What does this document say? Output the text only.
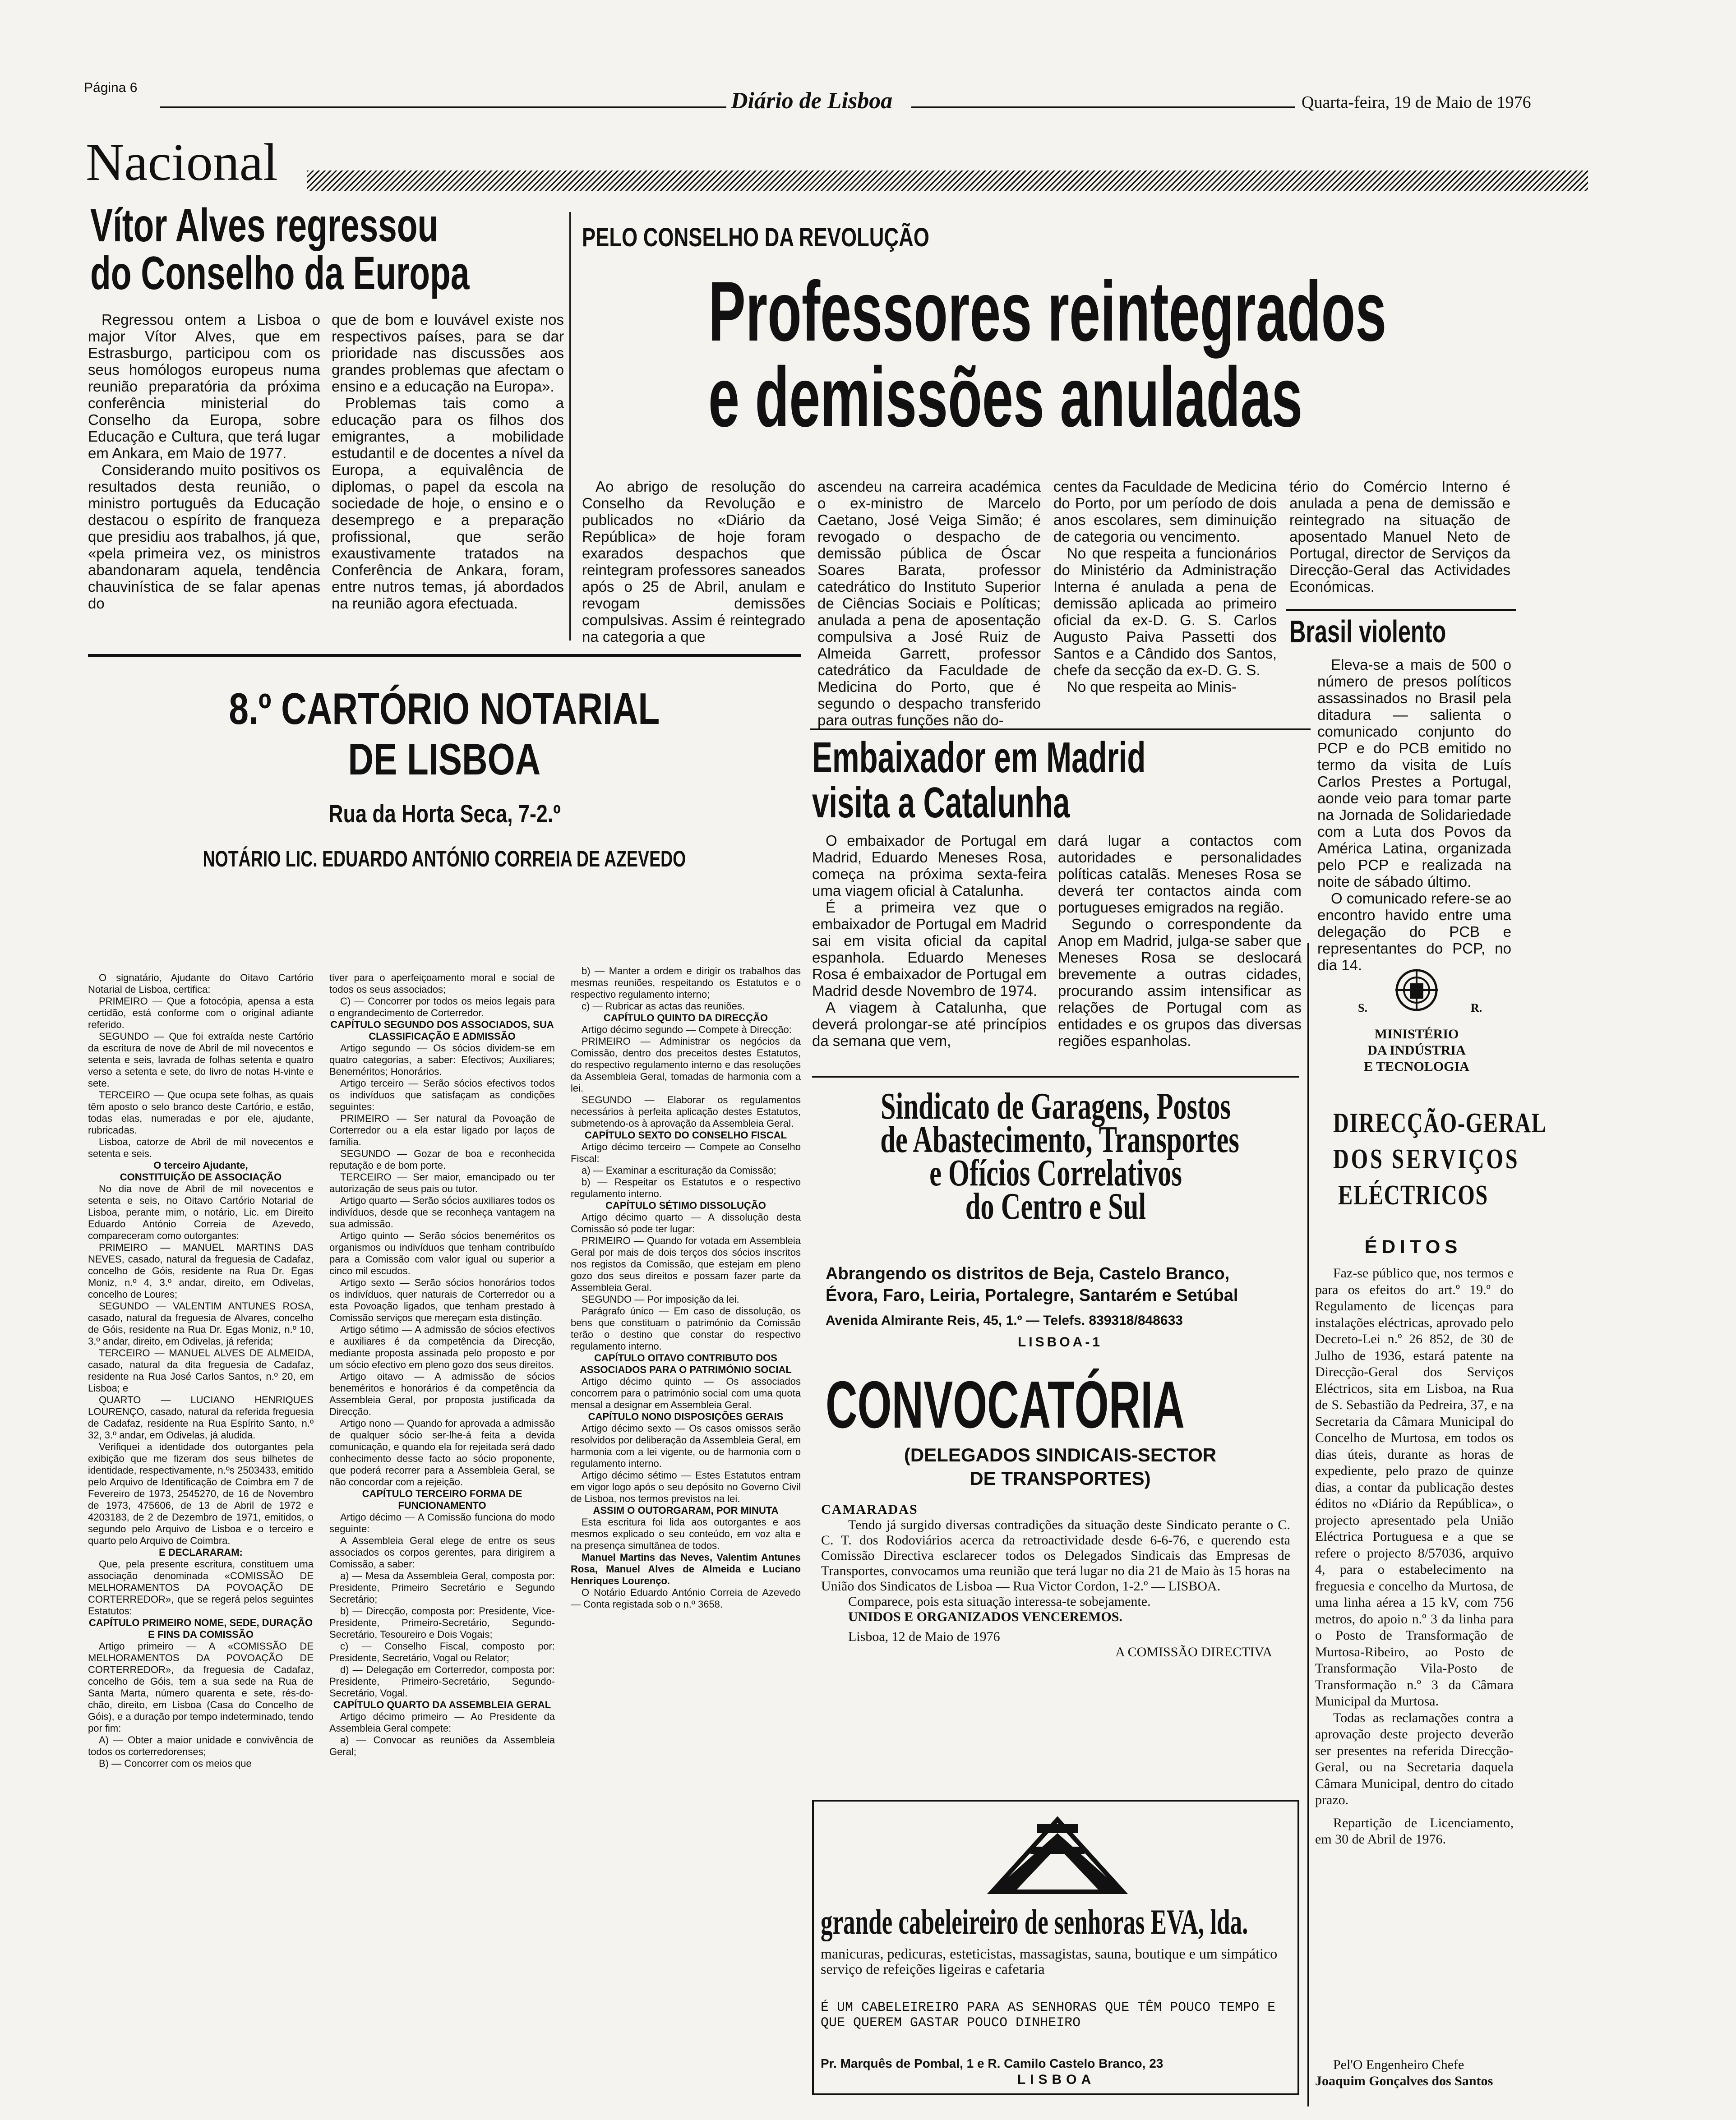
Página 6
Diário de Lisboa	Quarta-feira, 19 de Maio de 1976
Nacional
Vítor Alves regressou
do Conselho da Europa

Regressou ontem a Lisboa o major Vítor Alves, que em Estrasburgo, participou com os seus homólogos europeus numa reunião preparatória da próxima conferência ministerial do Conselho da Europa, sobre Educação e Cultura, que terá lugar em Ankara, em Maio de 1977.

Considerando muito positivos os resultados desta reunião, o ministro português da Educação destacou o espírito de franqueza que presidiu aos trabalhos, já que, «pela primeira vez, os ministros abandonaram aquela, tendência chauvinística de se falar apenas do

que de bom e louvável existe nos respectivos países, para se dar prioridade nas discussões aos grandes problemas que afectam o ensino e a educação na Europa».

Problemas tais como a educação para os filhos dos emigrantes, a mobilidade estudantil e de docentes a nível da Europa, a equivalência de diplomas, o papel da escola na sociedade de hoje, o ensino e o desemprego e a preparação profissional, que serão exaustivamente tratados na Conferência de Ankara, foram, entre nutros temas, já abordados na reunião agora efectuada.

PELO CONSELHO DA REVOLUÇÃO
Professores reintegrados
e demissões anuladas

Ao abrigo de resolução do Conselho da Revolução e publicados no «Diário da República» de hoje foram exarados despachos que reintegram professores saneados após o 25 de Abril, anulam e revogam demissões compulsivas. Assim é reintegrado na categoria a que

ascendeu na carreira académica o ex-ministro de Marcelo Caetano, José Veiga Simão; é revogado o despacho de demissão pública de Óscar Soares Barata, professor catedrático do Instituto Superior de Ciências Sociais e Políticas; anulada a pena de aposentação compulsiva a José Ruiz de Almeida Garrett, professor catedrático da Faculdade de Medicina do Porto, que é segundo o despacho transferido para outras funções não do-

centes da Faculdade de Medicina do Porto, por um período de dois anos escolares, sem diminuição de categoria ou vencimento.

No que respeita a funcionários do Ministério da Administração Interna é anulada a pena de demissão aplicada ao primeiro oficial da ex-D. G. S. Carlos Augusto Paiva Passetti dos Santos e a Cândido dos Santos, chefe da secção da ex-D. G. S.

No que respeita ao Minis-

tério do Comércio Interno é anulada a pena de demissão e reintegrado na situação de aposentado Manuel Neto de Portugal, director de Serviços da Direcção-Geral das Actividades Económicas.

Brasil violento

Eleva-se a mais de 500 o número de presos políticos assassinados no Brasil pela ditadura — salienta o comunicado conjunto do PCP e do PCB emitido no termo da visita de Luís Carlos Prestes a Portugal, aonde veio para tomar parte na Jornada de Solidariedade com a Luta dos Povos da América Latina, organizada pelo PCP e realizada na noite de sábado último.

O comunicado refere-se ao encontro havido entre uma delegação do PCB e representantes do PCP, no dia 14.

Embaixador em Madrid
visita a Catalunha

O embaixador de Portugal em Madrid, Eduardo Meneses Rosa, começa na próxima sexta-feira uma viagem oficial à Catalunha.

É a primeira vez que o embaixador de Portugal em Madrid sai em visita oficial da capital espanhola. Eduardo Meneses Rosa é embaixador de Portugal em Madrid desde Novembro de 1974.

A viagem à Catalunha, que deverá prolongar-se até princípios da semana que vem,

dará lugar a contactos com autoridades e personalidades políticas catalãs. Meneses Rosa se deverá ter contactos ainda com portugueses emigrados na região.

Segundo o correspondente da Anop em Madrid, julga-se saber que Meneses Rosa se deslocará brevemente a outras cidades, procurando assim intensificar as relações de Portugal com as entidades e os grupos das diversas regiões espanholas.

8.º CARTÓRIO NOTARIAL
DE LISBOA
Rua da Horta Seca, 7-2.º
NOTÁRIO LIC. EDUARDO ANTÓNIO CORREIA DE AZEVEDO

O signatário, Ajudante do Oitavo Cartório Notarial de Lisboa, certifica:

PRIMEIRO — Que a fotocópia, apensa a esta certidão, está conforme com o original adiante referido.

SEGUNDO — Que foi extraída neste Cartório da escritura de nove de Abril de mil novecentos e setenta e seis, lavrada de folhas setenta e quatro verso a setenta e sete, do livro de notas H-vinte e sete.

TERCEIRO — Que ocupa sete folhas, as quais têm aposto o selo branco deste Cartório, e estão, todas elas, numeradas e por ele, ajudante, rubricadas.

Lisboa, catorze de Abril de mil novecentos e setenta e seis.

O terceiro Ajudante,

CONSTITUIÇÃO DE ASSOCIAÇÃO

No dia nove de Abril de mil novecentos e setenta e seis, no Oitavo Cartório Notarial de Lisboa, perante mim, o notário, Lic. em Direito Eduardo António Correia de Azevedo, compareceram como outorgantes:

PRIMEIRO — MANUEL MARTINS DAS NEVES, casado, natural da freguesia de Cadafaz, concelho de Góis, residente na Rua Dr. Egas Moniz, n.º 4, 3.º andar, direito, em Odivelas, concelho de Loures;

SEGUNDO — VALENTIM ANTUNES ROSA, casado, natural da freguesia de Alvares, concelho de Góis, residente na Rua Dr. Egas Moniz, n.º 10, 3.º andar, direito, em Odivelas, já referida;

TERCEIRO — MANUEL ALVES DE ALMEIDA, casado, natural da dita freguesia de Cadafaz, residente na Rua José Carlos Santos, n.º 20, em Lisboa; e

QUARTO — LUCIANO HENRIQUES LOURENÇO, casado, natural da referida freguesia de Cadafaz, residente na Rua Espírito Santo, n.º 32, 3.º andar, em Odivelas, já aludida.

Verifiquei a identidade dos outorgantes pela exibição que me fizeram dos seus bilhetes de identidade, respectivamente, n.ºs 2503433, emitido pelo Arquivo de Identificação de Coimbra em 7 de Fevereiro de 1973, 2545270, de 16 de Novembro de 1973, 475606, de 13 de Abril de 1972 e 4203183, de 2 de Dezembro de 1971, emitidos, o segundo pelo Arquivo de Lisboa e o terceiro e quarto pelo Arquivo de Coimbra.

E DECLARARAM:

Que, pela presente escritura, constituem uma associação denominada «COMISSÃO DE MELHORAMENTOS DA POVOAÇÃO DE CORTERREDOR», que se regerá pelos seguintes Estatutos:

CAPÍTULO PRIMEIRO NOME, SEDE, DURAÇÃO E FINS DA COMISSÃO

Artigo primeiro — A «COMISSÃO DE MELHORAMENTOS DA POVOAÇÃO DE CORTERREDOR», da freguesia de Cadafaz, concelho de Góis, tem a sua sede na Rua de Santa Marta, número quarenta e sete, rés-do-chão, direito, em Lisboa (Casa do Concelho de Góis), e a duração por tempo indeterminado, tendo por fim:

A) — Obter a maior unidade e convivência de todos os corterredorenses;

B) — Concorrer com os meios que

tiver para o aperfeiçoamento moral e social de todos os seus associados;

C) — Concorrer por todos os meios legais para o engrandecimento de Corterredor.

CAPÍTULO SEGUNDO DOS ASSOCIADOS, SUA CLASSIFICAÇÃO E ADMISSÃO

Artigo segundo — Os sócios dividem-se em quatro categorias, a saber: Efectivos; Auxiliares; Beneméritos; Honorários.

Artigo terceiro — Serão sócios efectivos todos os indivíduos que satisfaçam as condições seguintes:

PRIMEIRO — Ser natural da Povoação de Corterredor ou a ela estar ligado por laços de família.

SEGUNDO — Gozar de boa e reconhecida reputação e de bom porte.

TERCEIRO — Ser maior, emancipado ou ter autorização de seus pais ou tutor.

Artigo quarto — Serão sócios auxiliares todos os indivíduos, desde que se reconheça vantagem na sua admissão.

Artigo quinto — Serão sócios beneméritos os organismos ou indivíduos que tenham contribuído para a Comissão com valor igual ou superior a cinco mil escudos.

Artigo sexto — Serão sócios honorários todos os indivíduos, quer naturais de Corterredor ou a esta Povoação ligados, que tenham prestado à Comissão serviços que mereçam esta distinção.

Artigo sétimo — A admissão de sócios efectivos e auxiliares é da competência da Direcção, mediante proposta assinada pelo proposto e por um sócio efectivo em pleno gozo dos seus direitos.

Artigo oitavo — A admissão de sócios beneméritos e honorários é da competência da Assembleia Geral, por proposta justificada da Direcção.

Artigo nono — Quando for aprovada a admissão de qualquer sócio ser-lhe-á feita a devida comunicação, e quando ela for rejeitada será dado conhecimento desse facto ao sócio proponente, que poderá recorrer para a Assembleia Geral, se não concordar com a rejeição.

CAPÍTULO TERCEIRO FORMA DE FUNCIONAMENTO

Artigo décimo — A Comissão funciona do modo seguinte:

A Assembleia Geral elege de entre os seus associados os corpos gerentes, para dirigirem a Comissão, a saber:

a) — Mesa da Assembleia Geral, composta por: Presidente, Primeiro Secretário e Segundo Secretário;

b) — Direcção, composta por: Presidente, Vice-Presidente, Primeiro-Secretário, Segundo-Secretário, Tesoureiro e Dois Vogais;

c) — Conselho Fiscal, composto por: Presidente, Secretário, Vogal ou Relator;

d) — Delegação em Corterredor, composta por: Presidente, Primeiro-Secretário, Segundo-Secretário, Vogal.

CAPÍTULO QUARTO DA ASSEMBLEIA GERAL

Artigo décimo primeiro — Ao Presidente da Assembleia Geral compete:

a) — Convocar as reuniões da Assembleia Geral;

b) — Manter a ordem e dirigir os trabalhos das mesmas reuniões, respeitando os Estatutos e o respectivo regulamento interno;

c) — Rubricar as actas das reuniões.

CAPÍTULO QUINTO DA DIRECÇÃO

Artigo décimo segundo — Compete à Direcção:

PRIMEIRO — Administrar os negócios da Comissão, dentro dos preceitos destes Estatutos, do respectivo regulamento interno e das resoluções da Assembleia Geral, tomadas de harmonia com a lei.

SEGUNDO — Elaborar os regulamentos necessários à perfeita aplicação destes Estatutos, submetendo-os à aprovação da Assembleia Geral.

CAPÍTULO SEXTO DO CONSELHO FISCAL

Artigo décimo terceiro — Compete ao Conselho Fiscal:

a) — Examinar a escrituração da Comissão;

b) — Respeitar os Estatutos e o respectivo regulamento interno.

CAPÍTULO SÉTIMO DISSOLUÇÃO

Artigo décimo quarto — A dissolução desta Comissão só pode ter lugar:

PRIMEIRO — Quando for votada em Assembleia Geral por mais de dois terços dos sócios inscritos nos registos da Comissão, que estejam em pleno gozo dos seus direitos e possam fazer parte da Assembleia Geral.

SEGUNDO — Por imposição da lei.

Parágrafo único — Em caso de dissolução, os bens que constituam o património da Comissão terão o destino que constar do respectivo regulamento interno.

CAPÍTULO OITAVO CONTRIBUTO DOS ASSOCIADOS PARA O PATRIMÓNIO SOCIAL

Artigo décimo quinto — Os associados concorrem para o património social com uma quota mensal a designar em Assembleia Geral.

CAPÍTULO NONO DISPOSIÇÕES GERAIS

Artigo décimo sexto — Os casos omissos serão resolvidos por deliberação da Assembleia Geral, em harmonia com a lei vigente, ou de harmonia com o regulamento interno.

Artigo décimo sétimo — Estes Estatutos entram em vigor logo após o seu depósito no Governo Civil de Lisboa, nos termos previstos na lei.

ASSIM O OUTORGARAM, POR MINUTA

Esta escritura foi lida aos outorgantes e aos mesmos explicado o seu conteúdo, em voz alta e na presença simultânea de todos.

Manuel Martins das Neves, Valentim Antunes Rosa, Manuel Alves de Almeida e Luciano Henriques Lourenço.

O Notário Eduardo António Correia de Azevedo — Conta registada sob o n.º 3658.

Sindicato de Garagens, Postos
de Abastecimento, Transportes
e Ofícios Correlativos
do Centro e Sul
Abrangendo os distritos de Beja, Castelo Branco,
Évora, Faro, Leiria, Portalegre, Santarém e Setúbal
Avenida Almirante Reis, 45, 1.º — Telefs. 839318/848633
LISBOA-1
CONVOCATÓRIA
(DELEGADOS SINDICAIS-SECTOR
DE TRANSPORTES)
CAMARADAS
Tendo já surgido diversas contradições da situação deste Sindicato perante o C. C. T. dos Rodoviários acerca da retroactividade desde 6-6-76, e querendo esta Comissão Directiva esclarecer todos os Delegados Sindicais das Empresas de Transportes, convocamos uma reunião que terá lugar no dia 21 de Maio às 15 horas na União dos Sindicatos de Lisboa — Rua Victor Cordon, 1-2.º — LISBOA.
Comparece, pois esta situação interessa-te sobejamente.
UNIDOS E ORGANIZADOS VENCEREMOS.
Lisboa, 12 de Maio de 1976
A COMISSÃO DIRECTIVA
grande cabeleireiro de senhoras EVA, lda.
manicuras, pedicuras, esteticistas, massagistas, sauna, boutique e um simpático serviço de refeições ligeiras e cafetaria
É UM CABELEIREIRO PARA AS SENHORAS QUE TÊM POUCO TEMPO E QUE QUEREM GASTAR POUCO DINHEIRO
Pr. Marquês de Pombal, 1 e R. Camilo Castelo Branco, 23
LISBOA
S.	R.
MINISTÉRIO
DA INDÚSTRIA
E TECNOLOGIA
DIRECÇÃO-GERAL
DOS SERVIÇOS
ELÉCTRICOS
ÉDITOS

Faz-se público que, nos termos e para os efeitos do art.º 19.º do Regulamento de licenças para instalações eléctricas, aprovado pelo Decreto-Lei n.º 26 852, de 30 de Julho de 1936, estará patente na Direcção-Geral dos Serviços Eléctricos, sita em Lisboa, na Rua de S. Sebastião da Pedreira, 37, e na Secretaria da Câmara Municipal do Concelho de Murtosa, em todos os dias úteis, durante as horas de expediente, pelo prazo de quinze dias, a contar da publicação destes éditos no «Diário da República», o projecto apresentado pela União Eléctrica Portuguesa e a que se refere o projecto 8/57036, arquivo 4, para o estabelecimento na freguesia e concelho da Murtosa, de uma linha aérea a 15 kV, com 756 metros, do apoio n.º 3 da linha para o Posto de Transformação de Murtosa-Ribeiro, ao Posto de Transformação Vila-Posto de Transformação n.º 3 da Câmara Municipal da Murtosa.

Todas as reclamações contra a aprovação deste projecto deverão ser presentes na referida Direcção-Geral, ou na Secretaria daquela Câmara Municipal, dentro do citado prazo.

Repartição de Licenciamento, em 30 de Abril de 1976.

Pel'O Engenheiro Chefe
Joaquim Gonçalves dos Santos
